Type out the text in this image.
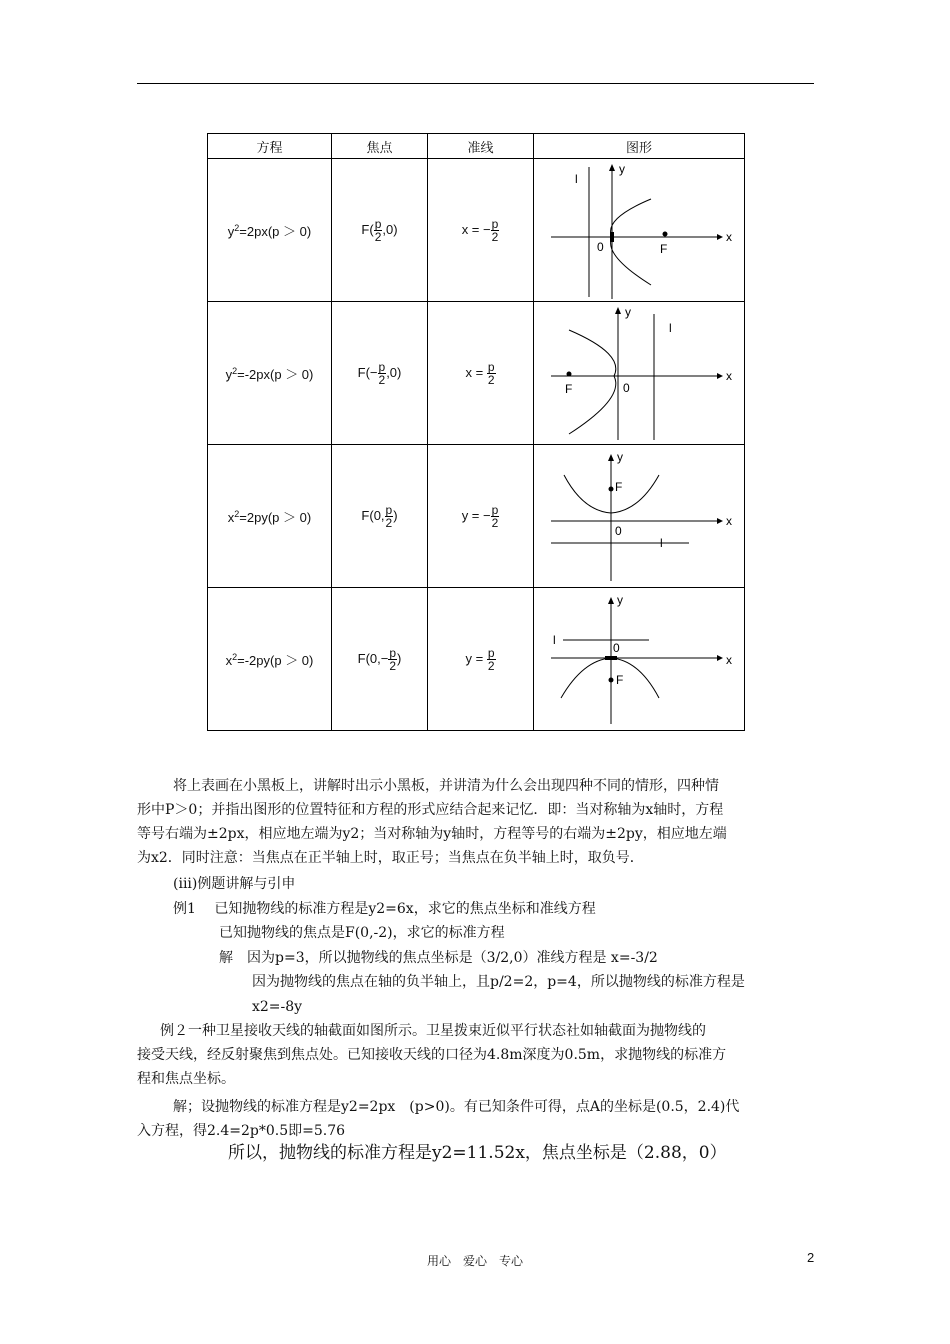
方程	焦点	准线	图形
$y^2=2px(p > 0)$	$F( \frac{p}{2} ,0)$	x = − $\frac{p}{2}$	x
y
0 F
l

$y^2=-2px(p > 0)$	$F(- \frac{p}{2} ,0)$	$x = \frac{p}{2}$	x
y
0
F
l

$x^2=2py(p > 0)$	F(0, $\frac{p}{2}$ )	y = − $\frac{p}{2}$	x
y
0
F
l

$x^2=-2py(p > 0)$	$F(0,- \frac{p}{2}$ )	$y = \frac{p}{2}$	x
y
0
F
l
将上表画在小黑板上，讲解时出示小黑板，并讲清为什么会出现四种不同的情形，四种情
形中P＞0；并指出图形的位置特征和方程的形式应结合起来记忆．即：当对称轴为x轴时，方程
等号右端为±2px，相应地左端为y2；当对称轴为y轴时，方程等号的右端为±2py，相应地左端
为x2．同时注意：当焦点在正半轴上时，取正号；当焦点在负半轴上时，取负号．
(iii)例题讲解与引申
例1　 已知抛物线的标准方程是y2=6x，求它的焦点坐标和准线方程
已知抛物线的焦点是F(0,-2)，求它的标准方程
解　因为p=3，所以抛物线的焦点坐标是（3/2,0）准线方程是 x=-3/2
因为抛物线的焦点在轴的负半轴上，且p/2=2，p=4，所以抛物线的标准方程是
x2=-8y
例２一种卫星接收天线的轴截面如图所示。卫星拨束近似平行状态社如轴截面为抛物线的
接受天线，经反射聚焦到焦点处。已知接收天线的口径为4.8m深度为0.5m，求抛物线的标准方
程和焦点坐标。
解；设抛物线的标准方程是y2=2px　(p>0)。有已知条件可得，点A的坐标是(0.5，2.4)代
入方程，得2.4=2p*0.5即=5.76
所以，抛物线的标准方程是y2=11.52x，焦点坐标是（2.88，0）
用心　爱心　专心	2
